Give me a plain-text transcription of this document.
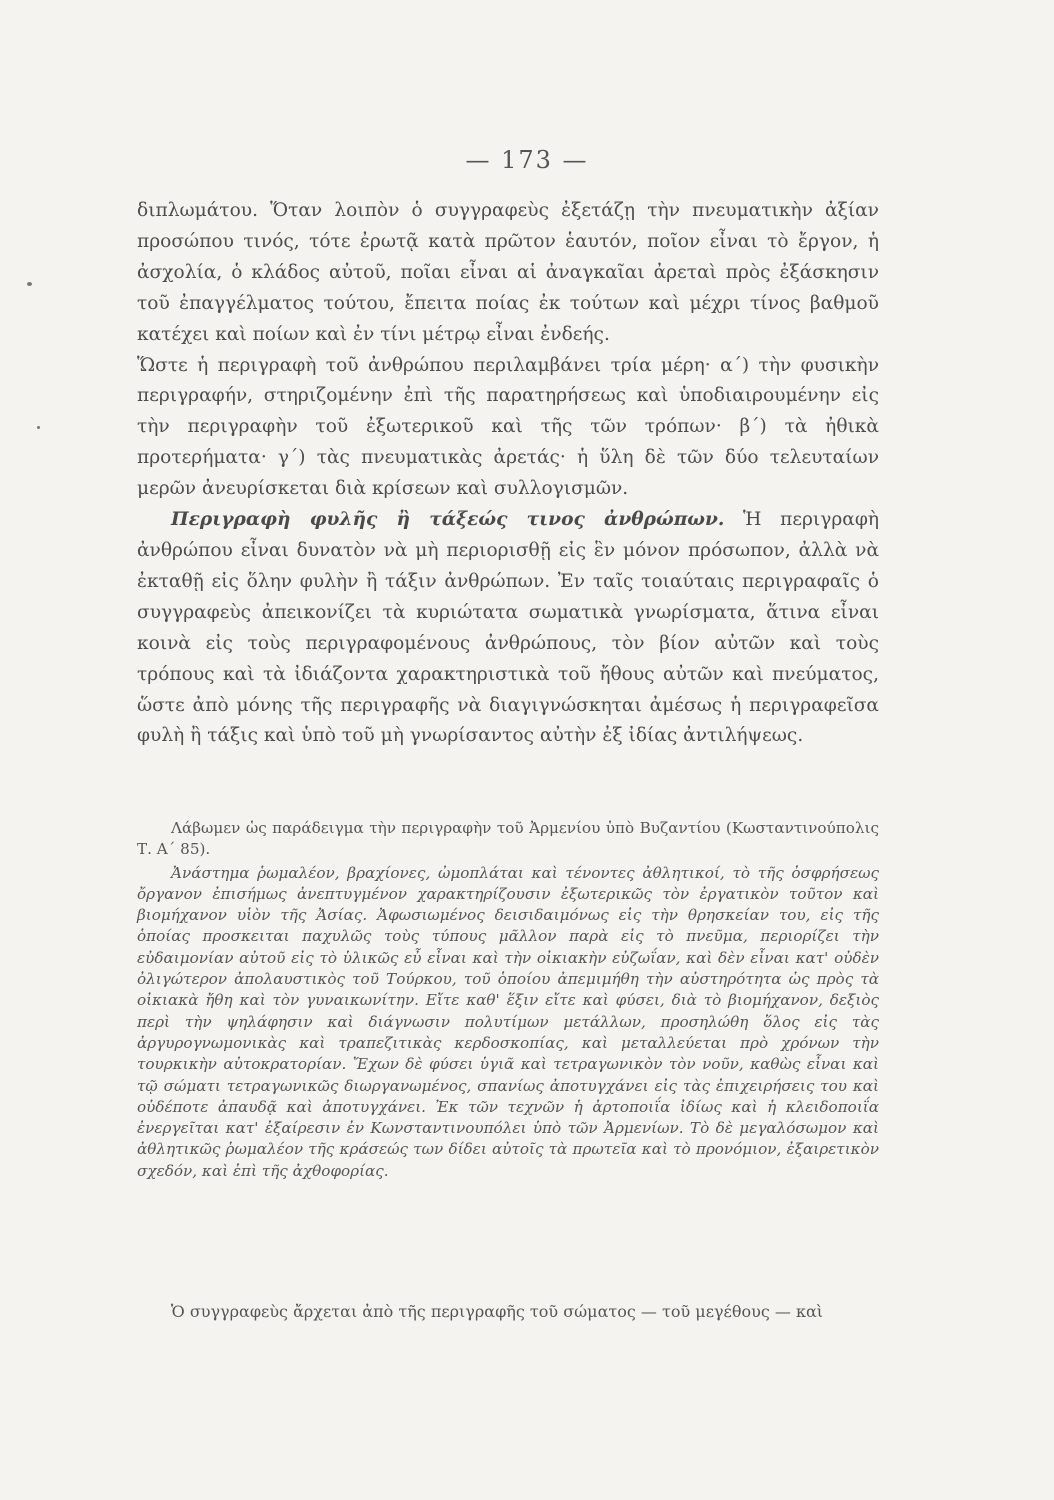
— 173 —

διπλωμάτου. Ὅταν λοιπὸν ὁ συγγραφεὺς ἐξετάζῃ τὴν πνευματικὴν ἀξίαν προσώπου τινός, τότε ἐρωτᾷ κατὰ πρῶτον ἑαυτόν, ποῖον εἶναι τὸ ἔργον, ἡ ἀσχολία, ὁ κλάδος αὐτοῦ, ποῖαι εἶναι αἱ ἀναγκαῖαι ἀρεταὶ πρὸς ἐξάσκησιν τοῦ ἐπαγγέλματος τούτου, ἔπειτα ποίας ἐκ τούτων καὶ μέχρι τίνος βαθμοῦ κατέχει καὶ ποίων καὶ ἐν τίνι μέτρῳ εἶναι ἐνδεής.

Ὥστε ἡ περιγραφὴ τοῦ ἀνθρώπου περιλαμβάνει τρία μέρη· α΄) τὴν φυσικὴν περιγραφήν, στηριζομένην ἐπὶ τῆς παρατηρήσεως καὶ ὑποδιαιρουμένην εἰς τὴν περιγραφὴν τοῦ ἐξωτερικοῦ καὶ τῆς τῶν τρόπων· β΄) τὰ ἠθικὰ προτερήματα· γ΄) τὰς πνευματικὰς ἀρετάς· ἡ ὕλη δὲ τῶν δύο τελευταίων μερῶν ἀνευρίσκεται διὰ κρίσεων καὶ συλλογισμῶν.

Περιγραφὴ φυλῆς ἢ τάξεώς τινος ἀνθρώπων. Ἡ περιγραφὴ ἀνθρώπου εἶναι δυνατὸν νὰ μὴ περιορισθῇ εἰς ἓν μόνον πρόσωπον, ἀλλὰ νὰ ἐκταθῇ εἰς ὅλην φυλὴν ἢ τάξιν ἀνθρώπων. Ἐν ταῖς τοιαύταις περιγραφαῖς ὁ συγγραφεὺς ἀπεικονίζει τὰ κυριώτατα σωματικὰ γνωρίσματα, ἅτινα εἶναι κοινὰ εἰς τοὺς περιγραφομένους ἀνθρώπους, τὸν βίον αὐτῶν καὶ τοὺς τρόπους καὶ τὰ ἰδιάζοντα χαρακτηριστικὰ τοῦ ἤθους αὐτῶν καὶ πνεύματος, ὥστε ἀπὸ μόνης τῆς περιγραφῆς νὰ διαγιγνώσκηται ἀμέσως ἡ περιγραφεῖσα φυλὴ ἢ τάξις καὶ ὑπὸ τοῦ μὴ γνωρίσαντος αὐτὴν ἐξ ἰδίας ἀντιλήψεως.

Λάβωμεν ὡς παράδειγμα τὴν περιγραφὴν τοῦ Ἀρμενίου ὑπὸ Βυζαντίου (Κωσταντινούπολις Τ. Α΄ 85).

Ἀνάστημα ῥωμαλέον, βραχίονες, ὠμοπλάται καὶ τένοντες ἀθλητικοί, τὸ τῆς ὀσφρήσεως ὄργανον ἐπισήμως ἀνεπτυγμένον χαρακτηρίζουσιν ἐξωτερικῶς τὸν ἐργατικὸν τοῦτον καὶ βιομήχανον υἱὸν τῆς Ἀσίας. Ἀφωσιωμένος δεισιδαιμόνως εἰς τὴν θρησκείαν του, εἰς τῆς ὁποίας προσκειται παχυλῶς τοὺς τύπους μᾶλλον παρὰ εἰς τὸ πνεῦμα, περιορίζει τὴν εὐδαιμονίαν αὐτοῦ εἰς τὸ ὑλικῶς εὖ εἶναι καὶ τὴν οἰκιακὴν εὐζωΐαν, καὶ δὲν εἶναι κατ' οὐδὲν ὀλιγώτερον ἀπολαυστικὸς τοῦ Τούρκου, τοῦ ὁποίου ἀπεμιμήθη τὴν αὐστηρότητα ὡς πρὸς τὰ οἰκιακὰ ἤθη καὶ τὸν γυναικωνίτην. Εἴτε καθ' ἕξιν εἴτε καὶ φύσει, διὰ τὸ βιομήχανον, δεξιὸς περὶ τὴν ψηλάφησιν καὶ διάγνωσιν πολυτίμων μετάλλων, προσηλώθη ὅλος εἰς τὰς ἀργυρογνωμονικὰς καὶ τραπεζιτικὰς κερδοσκοπίας, καὶ μεταλλεύεται πρὸ χρόνων τὴν τουρκικὴν αὐτοκρατορίαν. Ἔχων δὲ φύσει ὑγιᾶ καὶ τετραγωνικὸν τὸν νοῦν, καθὼς εἶναι καὶ τῷ σώματι τετραγωνικῶς διωργανωμένος, σπανίως ἀποτυγχάνει εἰς τὰς ἐπιχειρήσεις του καὶ οὐδέποτε ἀπαυδᾷ καὶ ἀποτυγχάνει. Ἐκ τῶν τεχνῶν ἡ ἀρτοποιΐα ἰδίως καὶ ἡ κλειδοποιΐα ἐνεργεῖται κατ' ἐξαίρεσιν ἐν Κωνσταντινουπόλει ὑπὸ τῶν Ἀρμενίων. Τὸ δὲ μεγαλόσωμον καὶ ἀθλητικῶς ῥωμαλέον τῆς κράσεώς των δίδει αὐτοῖς τὰ πρωτεῖα καὶ τὸ προνόμιον, ἐξαιρετικὸν σχεδόν, καὶ ἐπὶ τῆς ἀχθοφορίας.

Ὁ συγγραφεὺς ἄρχεται ἀπὸ τῆς περιγραφῆς τοῦ σώματος — τοῦ μεγέθους — καὶ
